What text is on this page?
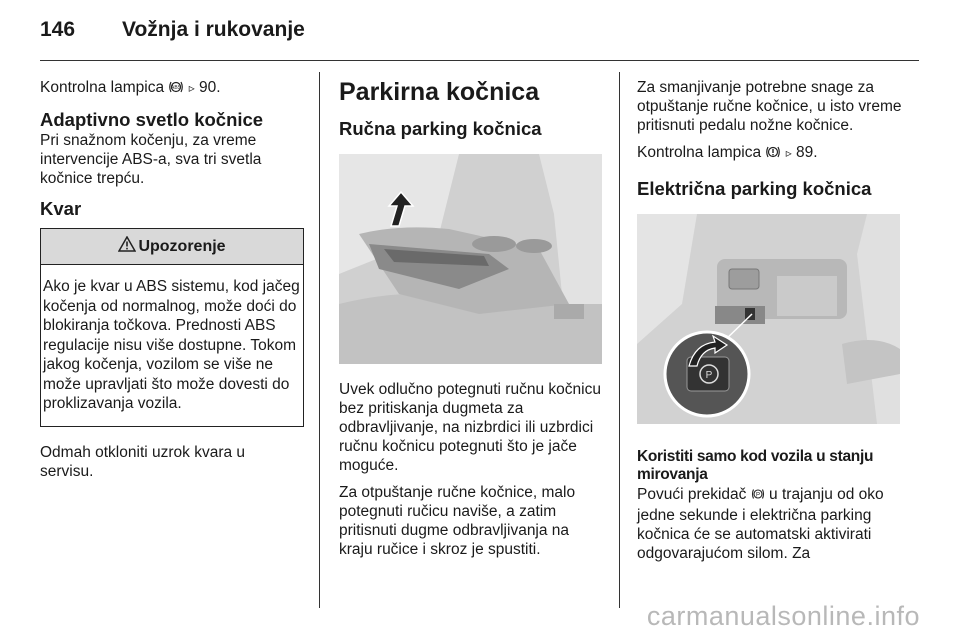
146 Vožnja i rukovanje

Kontrolna lampica ABS ▹ 90.

Adaptivno svetlo kočnice

Pri snažnom kočenju, za vreme intervencije ABS-a, sva tri svetla kočnice trepću.

Kvar
Upozorenje
Ako je kvar u ABS sistemu, kod jačeg kočenja od normalnog, može doći do blokiranja točkova. Prednosti ABS regulacije nisu više dostupne. Tokom jakog kočenja, vozilom se više ne može upravljati što može dovesti do proklizavanja vozila.

Odmah otkloniti uzrok kvara u servisu.

Parkirna kočnica
Ručna parking kočnica

Uvek odlučno potegnuti ručnu kočnicu bez pritiskanja dugmeta za odbravljivanje, na nizbrdici ili uzbrdici ručnu kočnicu potegnuti što je jače moguće.

Za otpuštanje ručne kočnice, malo potegnuti ručicu naviše, a zatim pritisnuti dugme odbravljivanja na kraju ručice i skroz je spustiti.

Za smanjivanje potrebne snage za otpuštanje ručne kočnice, u isto vreme pritisnuti pedalu nožne kočnice.

Kontrolna lampica ▹ 89.

Električna parking kočnica
P
Koristiti samo kod vozila u stanju mirovanja

Povući prekidač P u trajanju od oko jedne sekunde i električna parking kočnica će se automatski aktivirati odgovarajućom silom. Za

carmanualsonline.info
